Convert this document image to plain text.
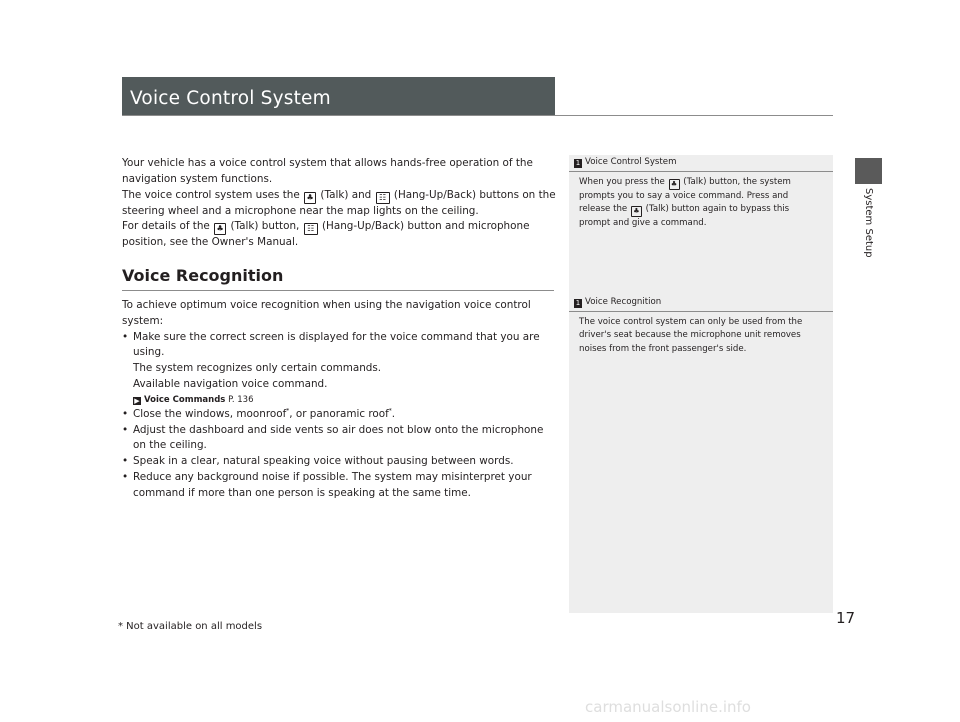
Voice Control System
System Setup

Your vehicle has a voice control system that allows hands-free operation of the

navigation system functions.

The voice control system uses the ♣ (Talk) and ☷ (Hang-Up/Back) buttons on the

steering wheel and a microphone near the map lights on the ceiling.

For details of the ♣ (Talk) button, ☷ (Hang-Up/Back) button and microphone

position, see the Owner's Manual.

Voice Recognition
To achieve optimum voice recognition when using the navigation voice control
system:
• Make sure the correct screen is displayed for the voice command that you are
using.
The system recognizes only certain commands.
Available navigation voice command.
▶ Voice Commands P. 136
• Close the windows, moonroof*, or panoramic roof*.
• Adjust the dashboard and side vents so air does not blow onto the microphone
on the ceiling.
• Speak in a clear, natural speaking voice without pausing between words.
• Reduce any background noise if possible. The system may misinterpret your
command if more than one person is speaking at the same time.
1 Voice Control System
When you press the ♣ (Talk) button, the system
prompts you to say a voice command. Press and
release the ♣ (Talk) button again to bypass this
prompt and give a command.
1 Voice Recognition
The voice control system can only be used from the
driver's seat because the microphone unit removes
noises from the front passenger's side.
* Not available on all models	17
carmanualsonline.info
